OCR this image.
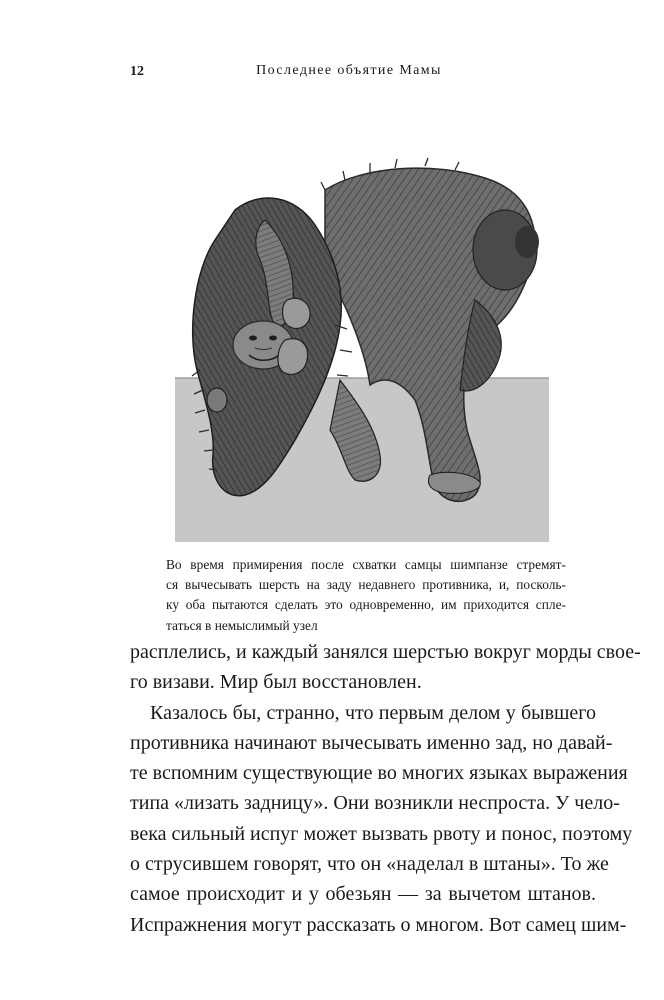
12	Последнее объятие Мамы
Во время примирения после схватки самцы шимпанзе стремят-
ся вычесывать шерсть на заду недавнего противника, и, посколь-
ку оба пытаются сделать это одновременно, им приходится спле-
таться в немыслимый узел
расплелись, и каждый занялся шерстью вокруг морды свое-
го визави. Мир был восстановлен.
Казалось бы, странно, что первым делом у бывшего
противника начинают вычесывать именно зад, но давай-
те вспомним существующие во многих языках выражения
типа «лизать задницу». Они возникли неспроста. У чело-
века сильный испуг может вызвать рвоту и понос, поэтому
о струсившем говорят, что он «наделал в штаны». То же
самое происходит и у обезьян — за вычетом штанов.
Испражнения могут рассказать о многом. Вот самец шим-
